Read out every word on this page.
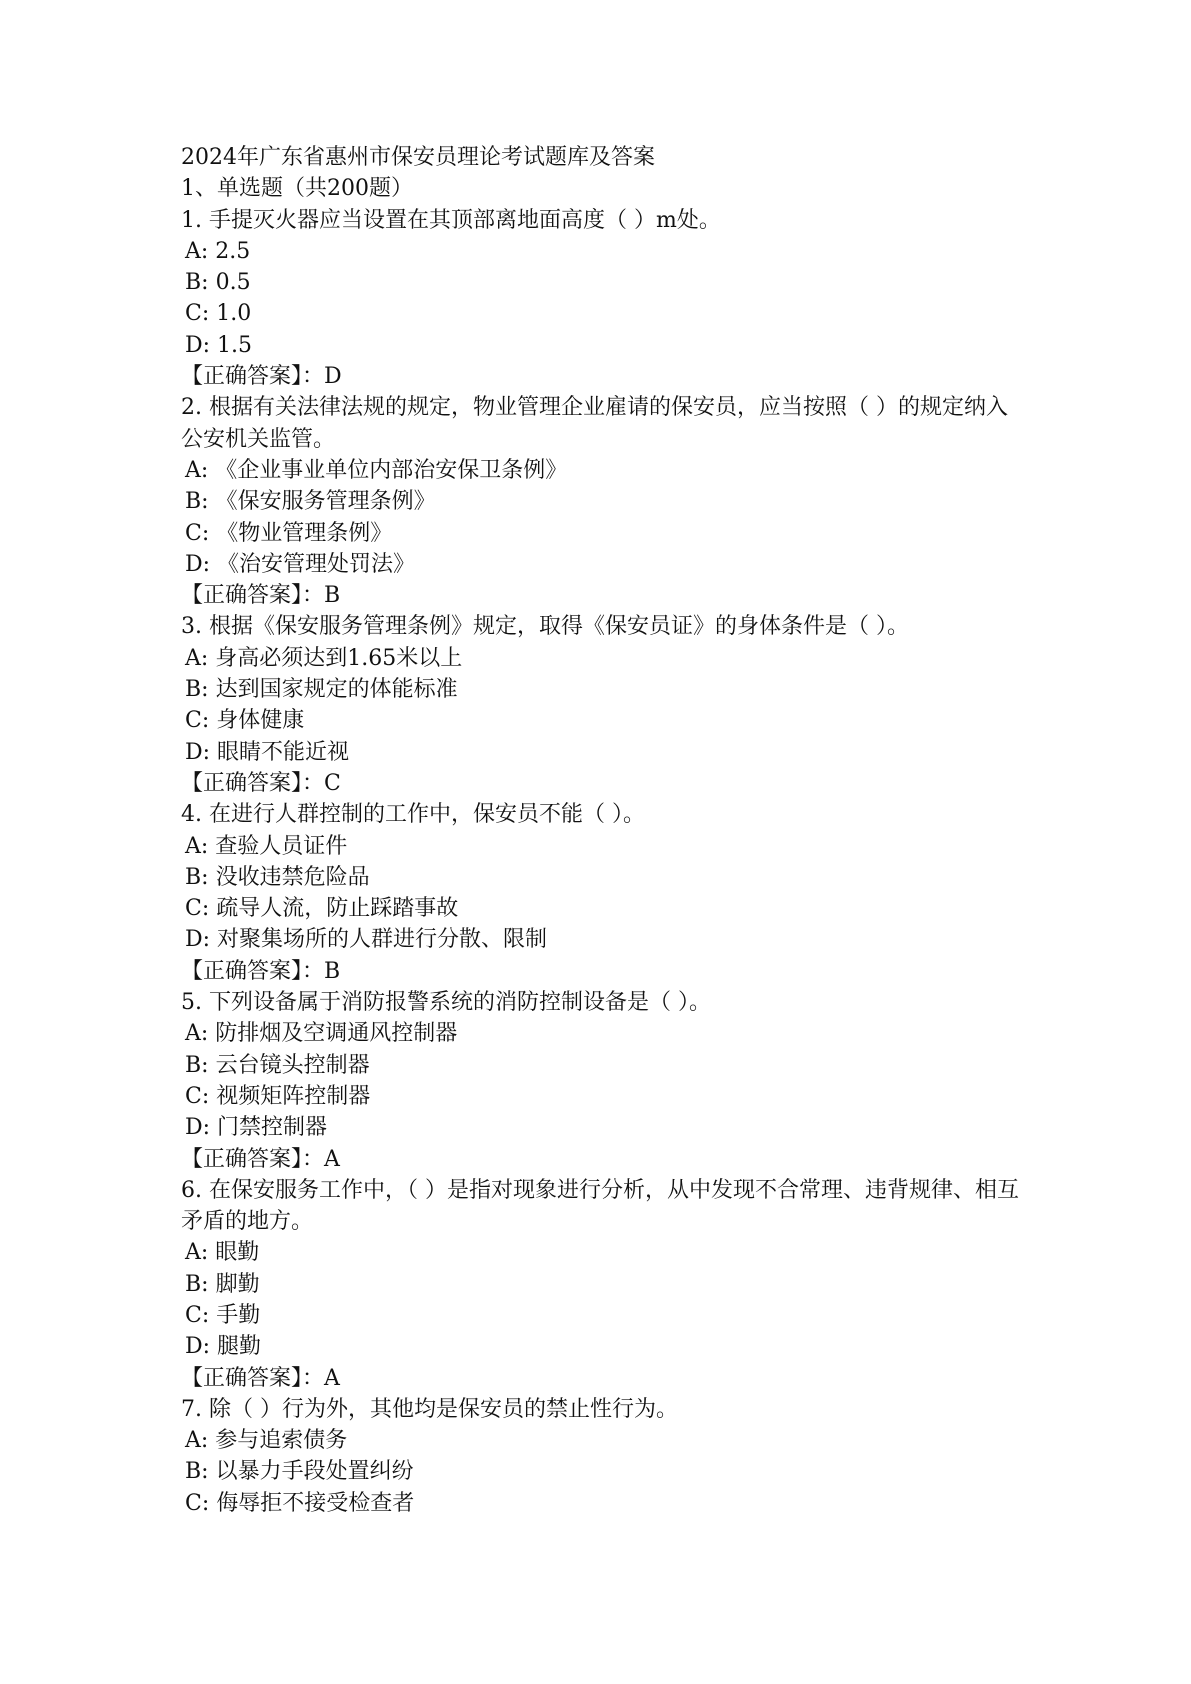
2024年广东省惠州市保安员理论考试题库及答案
1、单选题（共200题）
1. 手提灭火器应当设置在其顶部离地面高度（ ）m处。
A: 2.5
B: 0.5
C: 1.0
D: 1.5
【正确答案】：D
2. 根据有关法律法规的规定，物业管理企业雇请的保安员，应当按照（ ）的规定纳入公安机关监管。
A: 《企业事业单位内部治安保卫条例》
B: 《保安服务管理条例》
C: 《物业管理条例》
D: 《治安管理处罚法》
【正确答案】：B
3. 根据《保安服务管理条例》规定，取得《保安员证》的身体条件是（ ）。
A: 身高必须达到1.65米以上
B: 达到国家规定的体能标准
C: 身体健康
D: 眼睛不能近视
【正确答案】：C
4. 在进行人群控制的工作中，保安员不能（ ）。
A: 查验人员证件
B: 没收违禁危险品
C: 疏导人流，防止踩踏事故
D: 对聚集场所的人群进行分散、限制
【正确答案】：B
5. 下列设备属于消防报警系统的消防控制设备是（ ）。
A: 防排烟及空调通风控制器
B: 云台镜头控制器
C: 视频矩阵控制器
D: 门禁控制器
【正确答案】：A
6. 在保安服务工作中，（ ）是指对现象进行分析，从中发现不合常理、违背规律、相互矛盾的地方。
A: 眼勤
B: 脚勤
C: 手勤
D: 腿勤
【正确答案】：A
7. 除（ ）行为外，其他均是保安员的禁止性行为。
A: 参与追索债务
B: 以暴力手段处置纠纷
C: 侮辱拒不接受检查者
